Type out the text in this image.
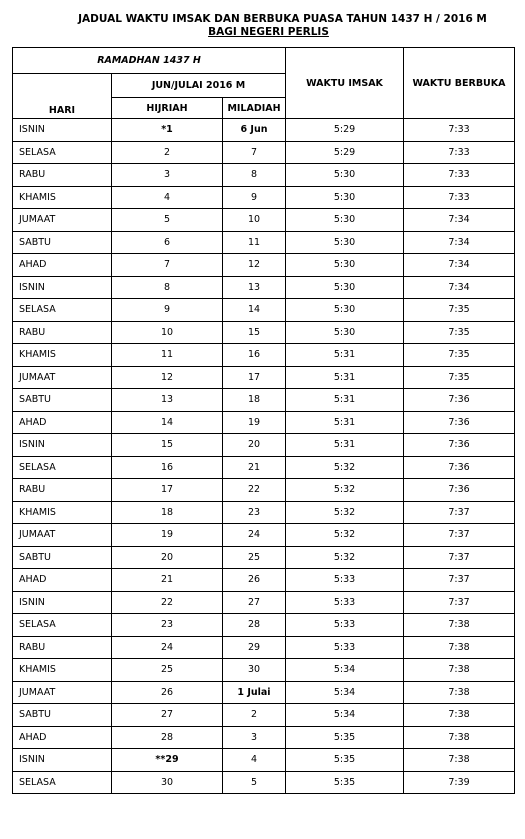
JADUAL WAKTU IMSAK DAN BERBUKA PUASA TAHUN 1437 H / 2016 M
BAGI NEGERI PERLIS
RAMADHAN 1437 H			WAKTU IMSAK	WAKTU BERBUKA
HARI	JUN/JULAI 2016 M			
	HIJRIAH	MILADIAH		
ISNIN	*1	6 Jun	5:29	7:33
SELASA	2	7	5:29	7:33
RABU	3	8	5:30	7:33
KHAMIS	4	9	5:30	7:33
JUMAAT	5	10	5:30	7:34
SABTU	6	11	5:30	7:34
AHAD	7	12	5:30	7:34
ISNIN	8	13	5:30	7:34
SELASA	9	14	5:30	7:35
RABU	10	15	5:30	7:35
KHAMIS	11	16	5:31	7:35
JUMAAT	12	17	5:31	7:35
SABTU	13	18	5:31	7:36
AHAD	14	19	5:31	7:36
ISNIN	15	20	5:31	7:36
SELASA	16	21	5:32	7:36
RABU	17	22	5:32	7:36
KHAMIS	18	23	5:32	7:37
JUMAAT	19	24	5:32	7:37
SABTU	20	25	5:32	7:37
AHAD	21	26	5:33	7:37
ISNIN	22	27	5:33	7:37
SELASA	23	28	5:33	7:38
RABU	24	29	5:33	7:38
KHAMIS	25	30	5:34	7:38
JUMAAT	26	1 Julai	5:34	7:38
SABTU	27	2	5:34	7:38
AHAD	28	3	5:35	7:38
ISNIN	**29	4	5:35	7:38
SELASA	30	5	5:35	7:39
